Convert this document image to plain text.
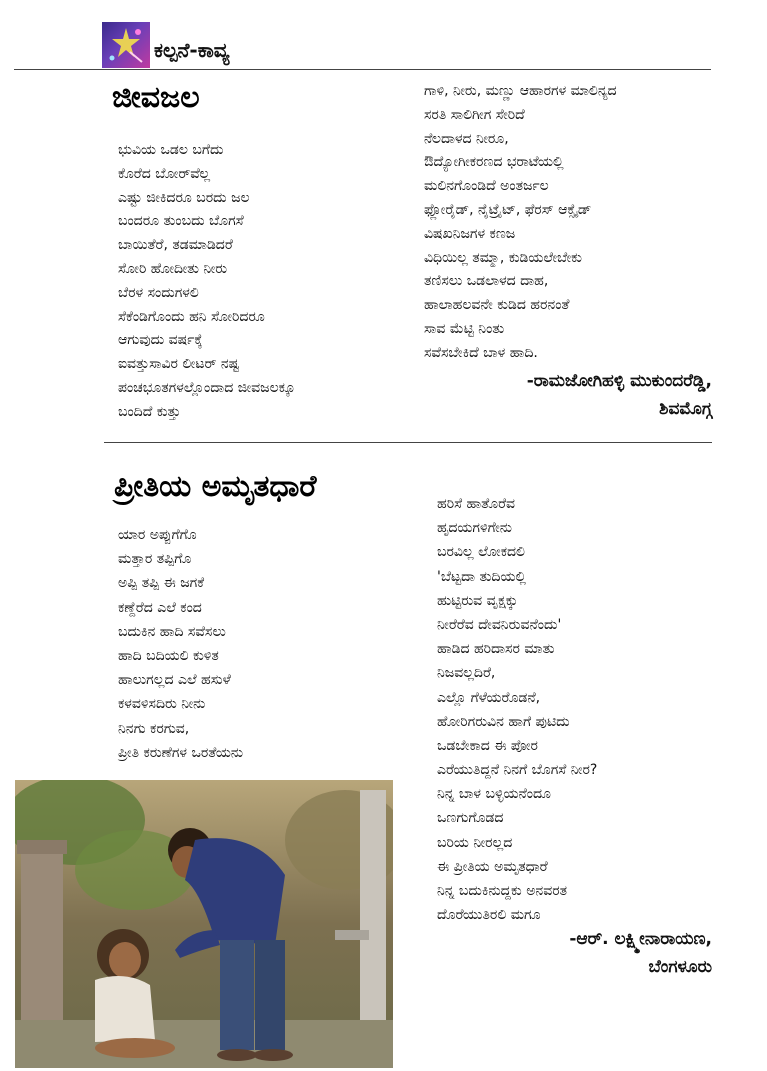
ಕಲ್ಪನೆ-ಕಾವ್ಯ
ಜೀವಜಲ
ಭುವಿಯ ಒಡಲ ಬಗೆದು
ಕೊರೆದ ಬೋರ್‌ವೆಲ್ಲ
ಎಷ್ಟು ಜೀಕಿದರೂ ಬರದು ಜಲ
ಬಂದರೂ ತುಂಬದು ಬೊಗಸೆ
ಬಾಯಿತೆರೆ, ತಡಮಾಡಿದರೆ
ಸೋರಿ ಹೋದೀತು ನೀರು
ಬೆರಳ ಸಂದುಗಳಲಿ
ಸೆಕೆಂಡಿಗೊಂದು ಹನಿ ಸೋರಿದರೂ
ಆಗುವುದು ವರ್ಷಕ್ಕೆ
ಐವತ್ತುಸಾವಿರ ಲೀಟರ್ ನಷ್ಟ
ಪಂಚಭೂತಗಳಲ್ಲೊಂದಾದ ಜೀವಜಲಕ್ಕೂ
ಬಂದಿದೆ ಕುತ್ತು
ಗಾಳಿ, ನೀರು, ಮಣ್ಣು ಆಹಾರಗಳ ಮಾಲಿನ್ಯದ
ಸರತಿ ಸಾಲಿಗೀಗ ಸೇರಿದೆ
ನೆಲದಾಳದ ನೀರೂ,
ಔದ್ಯೋಗೀಕರಣದ ಭರಾಟೆಯಲ್ಲಿ
ಮಲಿನಗೊಂಡಿದೆ ಅಂತರ್ಜಲ
ಫ್ಲೋರೈಡ್, ನೈಟ್ರೈಟ್, ಫೆರಸ್ ಆಕ್ಸೈಡ್
ವಿಷಖನಿಜಗಳ ಕಣಜ
ವಿಧಿಯಿಲ್ಲ ತಮ್ಮಾ, ಕುಡಿಯಲೇಬೇಕು
ತಣಿಸಲು ಒಡಲಾಳದ ದಾಹ,
ಹಾಲಾಹಲವನೇ ಕುಡಿದ ಹರನಂತೆ
ಸಾವ ಮೆಟ್ಟಿ ನಿಂತು
ಸವೆಸಬೇಕಿದೆ ಬಾಳ ಹಾದಿ.
-ರಾಮಜೋಗಿಹಳ್ಳಿ ಮುಕುಂದರೆಡ್ಡಿ,
ಶಿವಮೊಗ್ಗ
ಪ್ರೀತಿಯ ಅಮೃತಧಾರೆ
ಯಾರ ಅಪ್ಪುಗೆಗೊ
ಮತ್ತಾರ ತಪ್ಪಿಗೊ
ಅಪ್ಪಿ ತಪ್ಪಿ ಈ ಜಗಕೆ
ಕಣ್ದೆರೆದ ಎಲೆ ಕಂದ
ಬದುಕಿನ ಹಾದಿ ಸವೆಸಲು
ಹಾದಿ ಬದಿಯಲಿ ಕುಳಿತ
ಹಾಲುಗಲ್ಲದ ಎಲೆ ಹಸುಳೆ
ಕಳವಳಿಸದಿರು ನೀನು
ನಿನಗು ಕರಗುವ,
ಪ್ರೀತಿ ಕರುಣೆಗಳ ಒರತೆಯನು
ಹರಿಸೆ ಹಾತೊರೆವ
ಹೃದಯಗಳಿಗೇನು
ಬರವಿಲ್ಲ ಲೋಕದಲಿ
'ಬೆಟ್ಟದಾ ತುದಿಯಲ್ಲಿ
ಹುಟ್ಟಿರುವ ವೃಕ್ಷಕ್ಕು
ನೀರೆರೆವ ದೇವನಿರುವನೆಂದು'
ಹಾಡಿದ ಹರಿದಾಸರ ಮಾತು
ನಿಜವಲ್ಲದಿರೆ,
ಎಲ್ಲೊ ಗೆಳೆಯರೊಡನೆ,
ಹೋರಿಗರುವಿನ ಹಾಗೆ ಪುಟಿದು
ಒಡಬೇಕಾದ ಈ ಪೋರ
ಎರೆಯುತಿದ್ದನೆ ನಿನಗೆ ಬೊಗಸೆ ನೀರ?
ನಿನ್ನ ಬಾಳ ಬಳ್ಳಿಯನೆಂದೂ
ಒಣಗುಗೊಡದ
ಬರಿಯ ನೀರಲ್ಲದ
ಈ ಪ್ರೀತಿಯ ಅಮೃತಧಾರೆ
ನಿನ್ನ ಬದುಕಿನುದ್ದಕು ಅನವರತ
ದೊರೆಯುತಿರಲಿ ಮಗೂ
-ಆರ್. ಲಕ್ಷ್ಮೀನಾರಾಯಣ,
ಬೆಂಗಳೂರು
